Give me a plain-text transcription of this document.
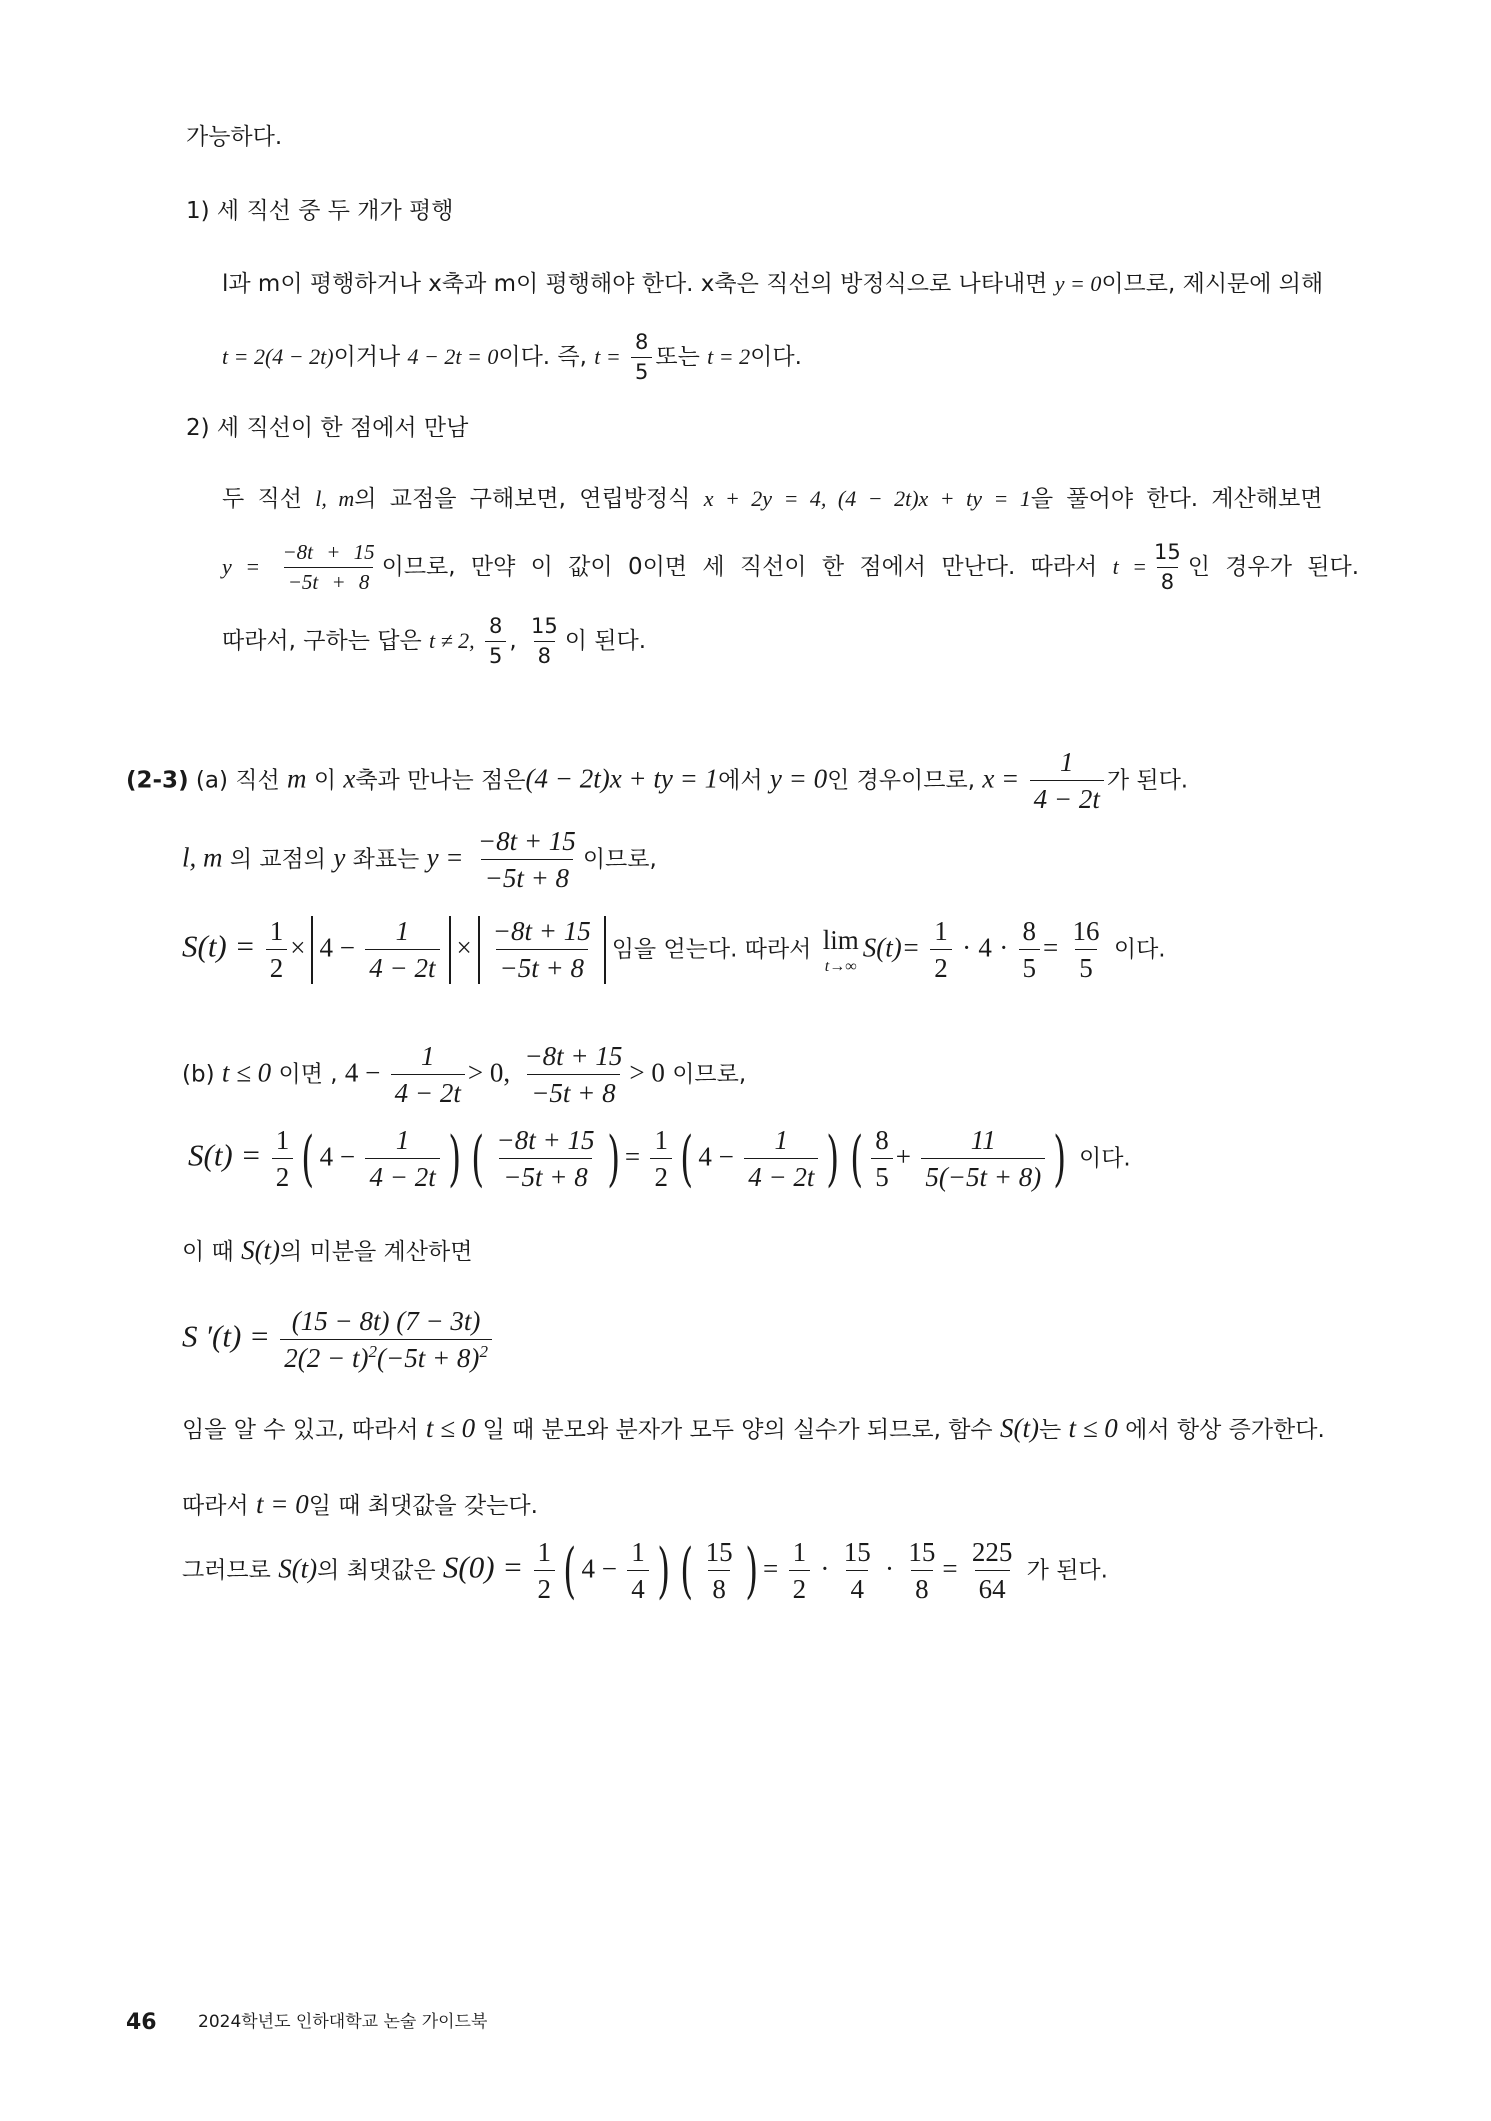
가능하다.
1) 세 직선 중 두 개가 평행
l과 m이 평행하거나 x축과 m이 평행해야 한다. x축은 직선의 방정식으로 나타내면 y = 0이므로, 제시문에 의해
t = 2(4 − 2t)이거나 4 − 2t = 0이다. 즉, $t = \frac{8}{5}$ 또는 t = 2이다.
2) 세 직선이 한 점에서 만남
두 직선 l, m의 교점을 구해보면, 연립방정식 x + 2y = 4, (4 − 2t)x + ty = 1을 풀어야 한다. 계산해보면
$y = \frac{-8t + 15}{-5t + 8}$ 이므로, 만약 이 값이 0이면 세 직선이 한 점에서 만난다. 따라서 $t = \frac{15}{8}$ 인 경우가 된다.
따라서, 구하는 답은 t ≠ 2, $\frac{8}{5}$ , $\frac{15}{8}$ 이 된다.
(2-3) (a) 직선 m 이 x축과 만나는 점은(4 − 2t)x + ty = 1에서 y = 0인 경우이므로, $x = \frac{1}{4 - 2t}$ 가 된다.
l, m 의 교점의 y 좌표는 $y = \frac{-8t + 15}{-5t + 8}$ 이므로,
$S(t) = \frac{1}{2} \times 4 - \frac{1}{4 - 2t} \times \frac{-8t + 15}{-5t + 8}$ 임을 얻는다. 따라서 lim
t→∞
$S(t)= \frac{1}{2} \cdot 4 \cdot \frac{8}{5} = \frac{16}{5}$ 이다.
(b) t ≤ 0 이면 , $4 - \frac{1}{4 - 2t} > 0$, $\frac{-8t + 15}{-5t + 8} > 0$ 이므로,
$S(t) = \frac{1}{2}$ ( $4 - \frac{1}{4 - 2t}$ ) ( $\frac{-8t + 15}{-5t + 8}$ ) = $\frac{1}{2}$ ( $4 - \frac{1}{4 - 2t}$ ) ( $\frac{8}{5} + \frac{11}{5(-5t + 8)}$ ) 이다.
이 때 S(t)의 미분을 계산하면
S $'(t) = \frac{(15 - 8t) (7 - 3t)}{2(2 - t)^2(-5t + 8)^2}$
임을 알 수 있고, 따라서 t ≤ 0 일 때 분모와 분자가 모두 양의 실수가 되므로, 함수 S(t)는 t ≤ 0 에서 항상 증가한다.
따라서 t = 0일 때 최댓값을 갖는다.
그러므로 S(t)의 최댓값은 $S(0) = \frac{1}{2}$ ( $4 - \frac{1}{4}$ ) ( $\frac{15}{8}$ ) = $\frac{1}{2} \cdot \frac{15}{4} \cdot \frac{15}{8} = \frac{225}{64}$ 가 된다.
46 2024학년도 인하대학교 논술 가이드북
